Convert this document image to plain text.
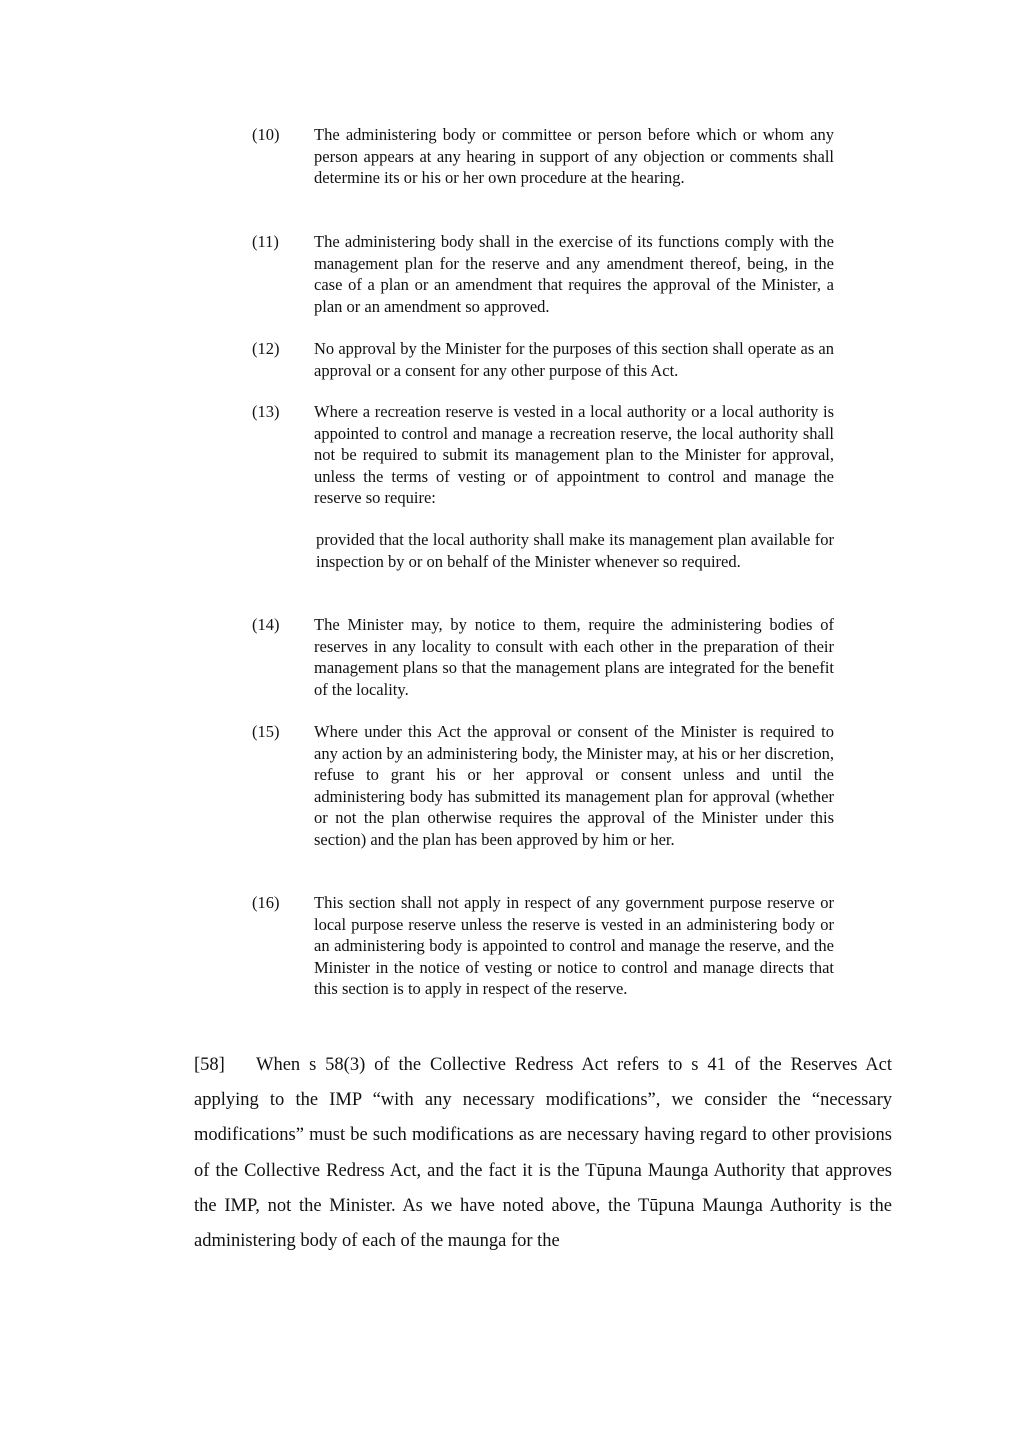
(10)	The administering body or committee or person before which or whom any person appears at any hearing in support of any objection or comments shall determine its or his or her own procedure at the hearing.
(11)	The administering body shall in the exercise of its functions comply with the management plan for the reserve and any amendment thereof, being, in the case of a plan or an amendment that requires the approval of the Minister, a plan or an amendment so approved.
(12)	No approval by the Minister for the purposes of this section shall operate as an approval or a consent for any other purpose of this Act.
(13)	Where a recreation reserve is vested in a local authority or a local authority is appointed to control and manage a recreation reserve, the local authority shall not be required to submit its management plan to the Minister for approval, unless the terms of vesting or of appointment to control and manage the reserve so require:
provided that the local authority shall make its management plan available for inspection by or on behalf of the Minister whenever so required.
(14)	The Minister may, by notice to them, require the administering bodies of reserves in any locality to consult with each other in the preparation of their management plans so that the management plans are integrated for the benefit of the locality.
(15)	Where under this Act the approval or consent of the Minister is required to any action by an administering body, the Minister may, at his or her discretion, refuse to grant his or her approval or consent unless and until the administering body has submitted its management plan for approval (whether or not the plan otherwise requires the approval of the Minister under this section) and the plan has been approved by him or her.
(16)	This section shall not apply in respect of any government purpose reserve or local purpose reserve unless the reserve is vested in an administering body or an administering body is appointed to control and manage the reserve, and the Minister in the notice of vesting or notice to control and manage directs that this section is to apply in respect of the reserve.
[58] When s 58(3) of the Collective Redress Act refers to s 41 of the Reserves Act applying to the IMP “with any necessary modifications”, we consider the “necessary modifications” must be such modifications as are necessary having regard to other provisions of the Collective Redress Act, and the fact it is the Tūpuna Maunga Authority that approves the IMP, not the Minister. As we have noted above, the Tūpuna Maunga Authority is the administering body of each of the maunga for the
